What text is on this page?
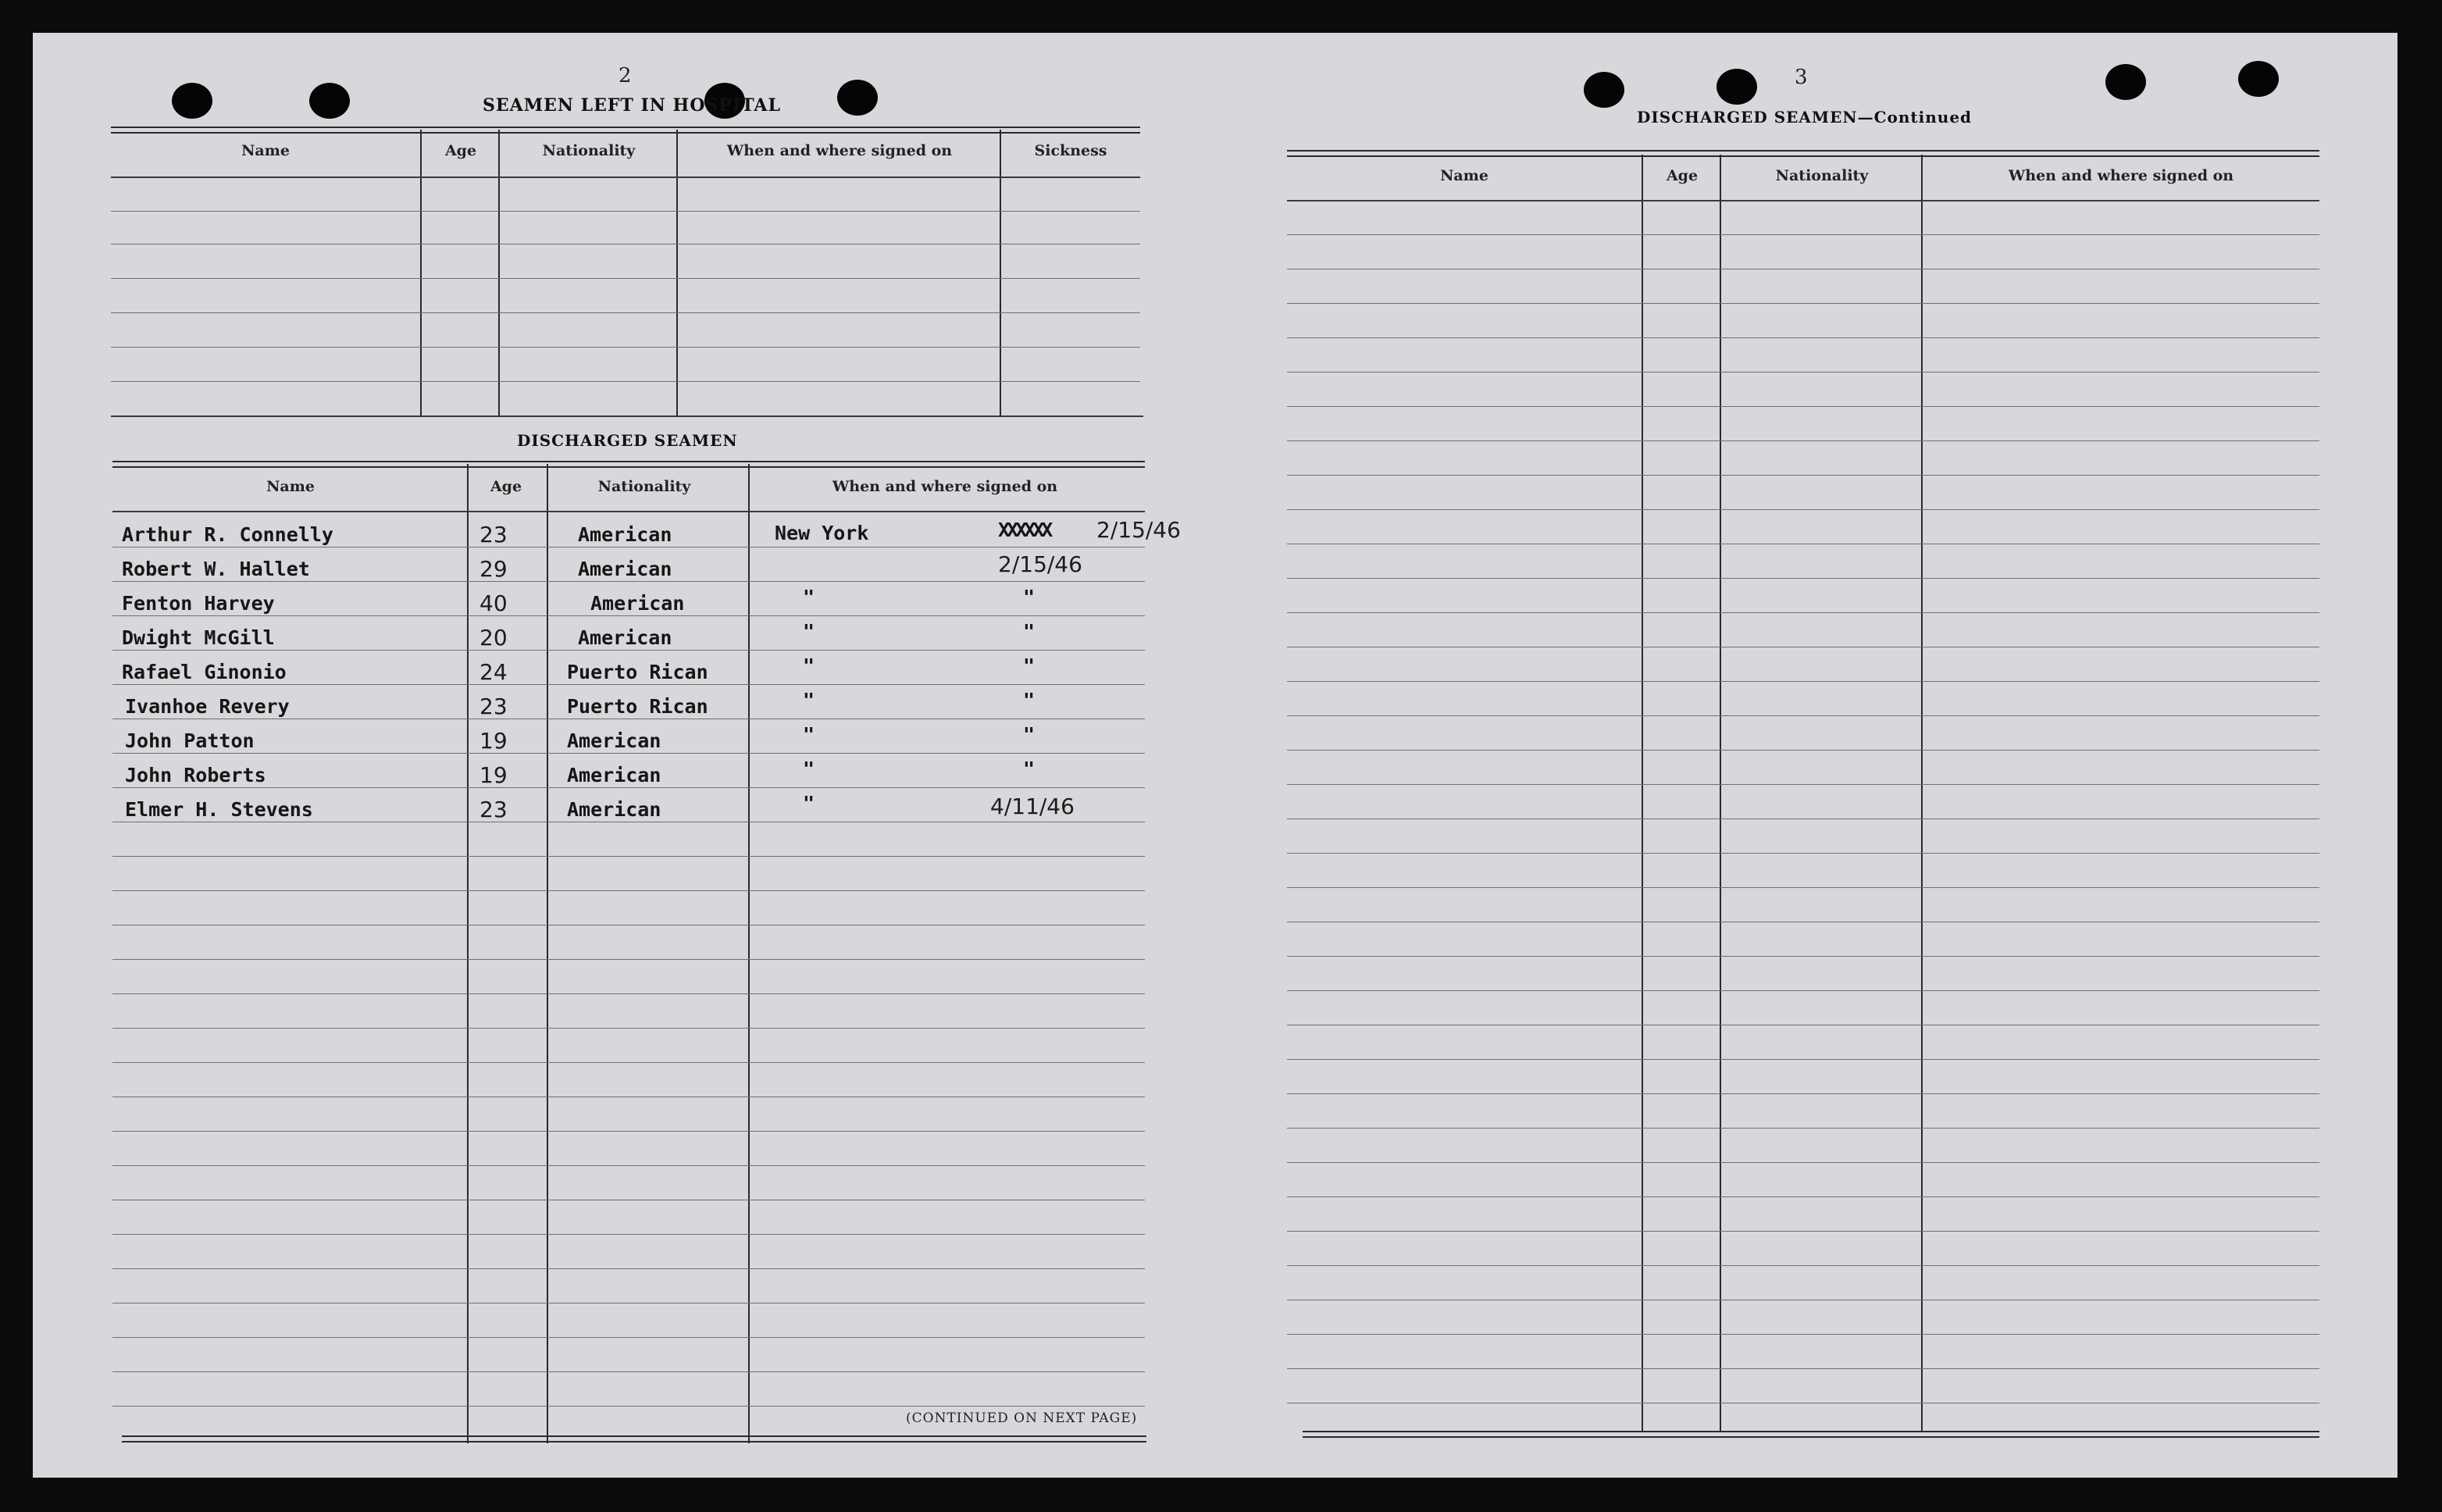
2
SEAMEN LEFT IN HOSPITAL
Name	Age	Nationality	When and where signed on	Sickness
DISCHARGED SEAMEN
Name	Age	Nationality	When and where signed on
Arthur R. Connelly	23	American	New York	XXXXXX 2/15/46
Robert W. Hallet	29	American	2/15/46
Fenton Harvey	40	American	"	"
Dwight McGill	20	American	"	"
Rafael Ginonio	24	Puerto Rican	"	"
Ivanhoe Revery	23	Puerto Rican	"	"
John Patton	19	American	"	"
John Roberts	19	American	"	"
Elmer H. Stevens	23	American	"	4/11/46
(CONTINUED ON NEXT PAGE)
3
DISCHARGED SEAMEN—Continued
Name	Age	Nationality	When and where signed on
